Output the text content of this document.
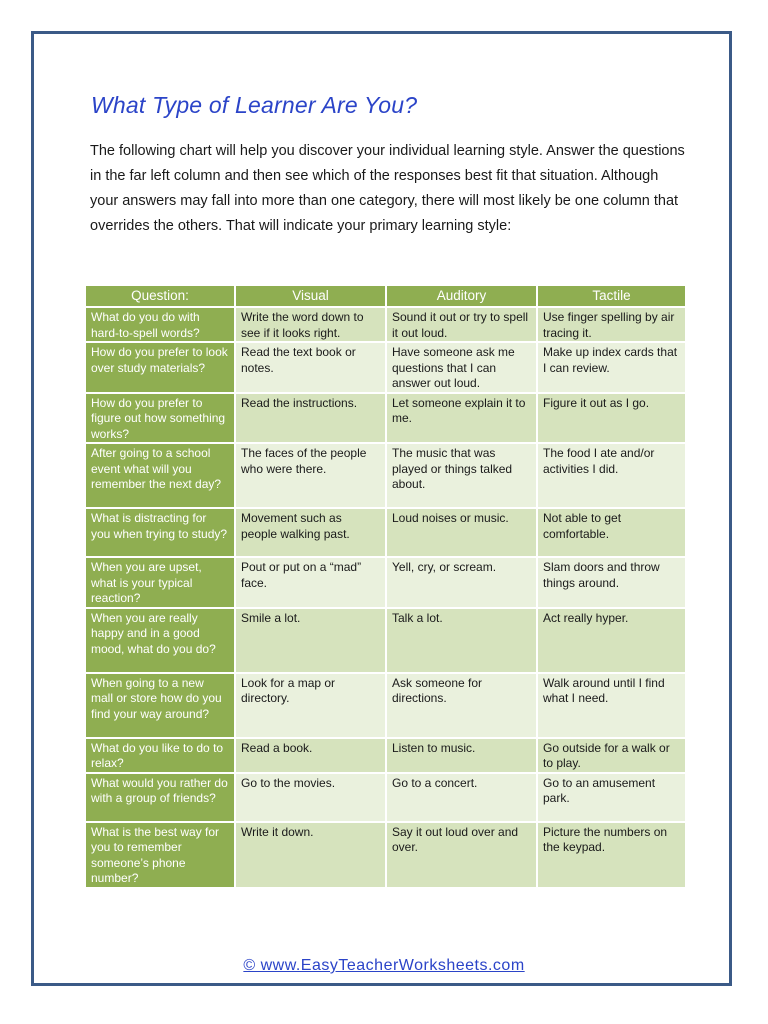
What Type of Learner Are You?

The following chart will help you discover your individual learning style. Answer the questions in the far left column and then see which of the responses best fit that situation. Although your answers may fall into more than one category, there will most likely be one column that overrides the others. That will indicate your primary learning style:

Question:	Visual	Auditory	Tactile
What do you do with hard-to-spell words?	Write the word down to see if it looks right.	Sound it out or try to spell it out loud.	Use finger spelling by air tracing it.
How do you prefer to look over study materials?	Read the text book or notes.	Have someone ask me questions that I can answer out loud.	Make up index cards that I can review.
How do you prefer to figure out how something works?	Read the instructions.	Let someone explain it to me.	Figure it out as I go.
After going to a school event what will you remember the next day?	The faces of the people who were there.	The music that was played or things talked about.	The food I ate and/or activities I did.
What is distracting for you when trying to study?	Movement such as people walking past.	Loud noises or music.	Not able to get comfortable.
When you are upset, what is your typical reaction?	Pout or put on a “mad” face.	Yell, cry, or scream.	Slam doors and throw things around.
When you are really happy and in a good mood, what do you do?	Smile a lot.	Talk a lot.	Act really hyper.
When going to a new mall or store how do you find your way around?	Look for a map or directory.	Ask someone for directions.	Walk around until I find what I need.
What do you like to do to relax?	Read a book.	Listen to music.	Go outside for a walk or to play.
What would you rather do with a group of friends?	Go to the movies.	Go to a concert.	Go to an amusement park.
What is the best way for you to remember someone’s phone number?	Write it down.	Say it out loud over and over.	Picture the numbers on the keypad.
© www.EasyTeacherWorksheets.com
